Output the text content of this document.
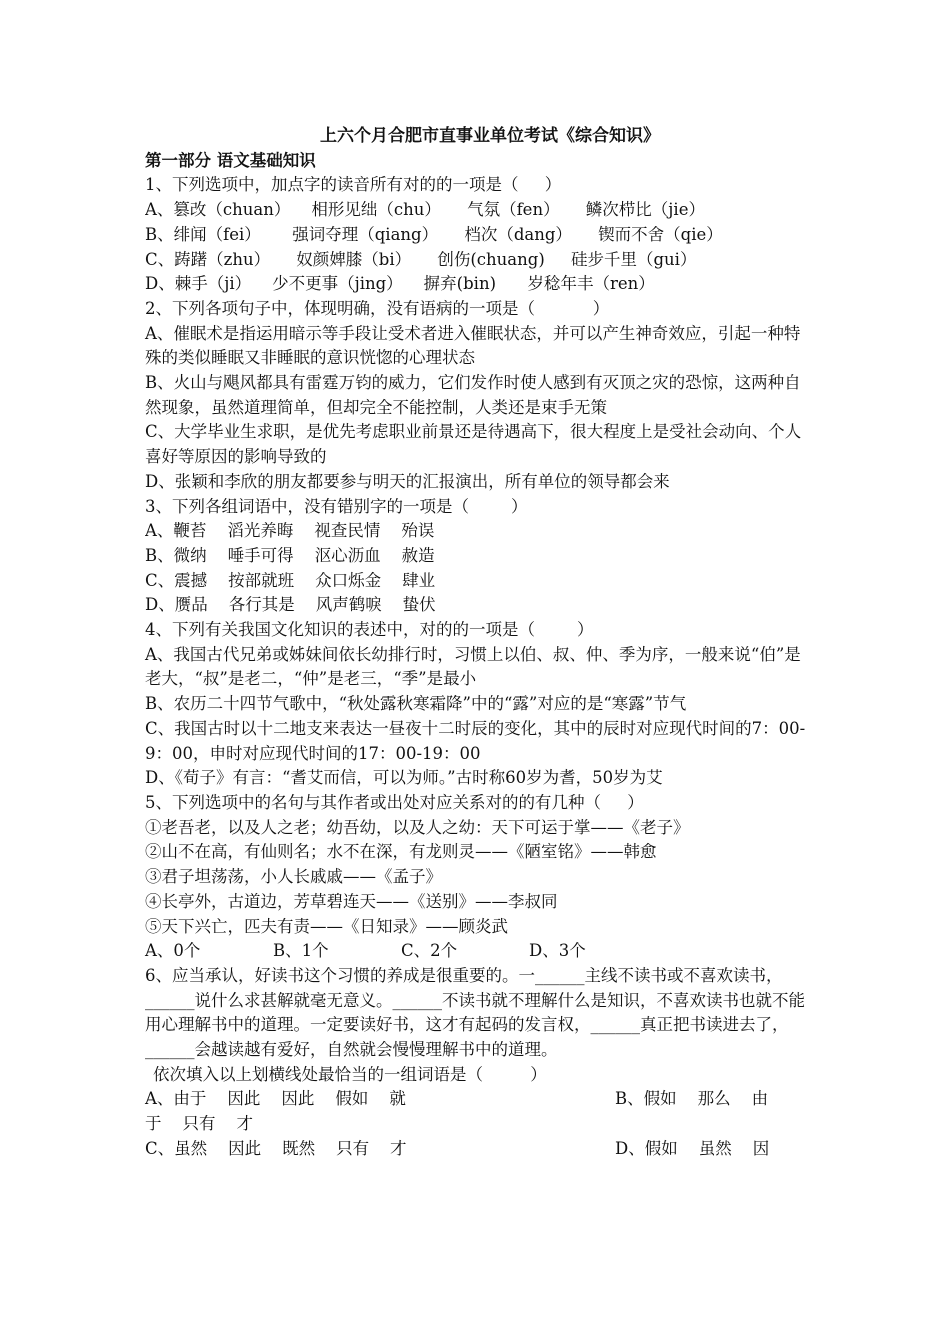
上六个月合肥市直事业单位考试《综合知识》
第一部分 语文基础知识
1、下列选项中，加点字的读音所有对的的一项是（     ）
A、篡改（chuan）    相形见绌（chu）     气氛（fen）     鳞次栉比（jie）
B、绯闻（fei）      强词夺理（qiang）     档次（dang）     锲而不舍（qie）
C、踌躇（zhu）     奴颜婢膝（bi）     创伤(chuang)     硅步千里（gui）
D、棘手（ji）    少不更事（jing）    摒弃(bin)      岁稔年丰（ren）
2、下列各项句子中，体现明确，没有语病的一项是（           ）
A、催眠术是指运用暗示等手段让受术者进入催眠状态，并可以产生神奇效应，引起一种特殊的类似睡眠又非睡眠的意识恍惚的心理状态
B、火山与飓风都具有雷霆万钧的威力，它们发作时使人感到有灭顶之灾的恐惊，这两种自然现象，虽然道理简单，但却完全不能控制，人类还是束手无策
C、大学毕业生求职，是优先考虑职业前景还是待遇高下，很大程度上是受社会动向、个人喜好等原因的影响导致的
D、张颖和李欣的朋友都要参与明天的汇报演出，所有单位的领导都会来
3、下列各组词语中，没有错别字的一项是（        ）
A、鞭苔    滔光养晦    视查民情    殆误
B、微纳    唾手可得    沤心沥血    赦造
C、震撼    按部就班    众口烁金    肆业
D、赝品    各行其是    风声鹤唳    蛰伏
4、下列有关我国文化知识的表述中，对的的一项是（        ）
A、我国古代兄弟或姊妹间依长幼排行时，习惯上以伯、叔、仲、季为序，一般来说“伯”是老大，“叔”是老二，“仲”是老三，“季”是最小
B、农历二十四节气歌中，“秋处露秋寒霜降”中的“露”对应的是“寒露”节气
C、我国古时以十二地支来表达一昼夜十二时辰的变化，其中的辰时对应现代时间的7：00-9：00，申时对应现代时间的17：00-19：00
D、《荀子》有言：“耆艾而信，可以为师。”古时称60岁为耆，50岁为艾
5、下列选项中的名句与其作者或出处对应关系对的的有几种（     ）
①老吾老，以及人之老；幼吾幼，以及人之幼：天下可运于掌——《老子》
②山不在高，有仙则名；水不在深，有龙则灵——《陋室铭》——韩愈
③君子坦荡荡，小人长戚戚——《孟子》
④长亭外，古道边，芳草碧连天——《送别》——李叔同
⑤天下兴亡，匹夫有责——《日知录》——顾炎武
A、0个	B、1个	C、2个	D、3个
6、应当承认，好读书这个习惯的养成是很重要的。一______主线不读书或不喜欢读书，______说什么求甚解就毫无意义。______不读书就不理解什么是知识，不喜欢读书也就不能用心理解书中的道理。一定要读好书，这才有起码的发言权，______真正把书读进去了，______会越读越有爱好，自然就会慢慢理解书中的道理。
依次填入以上划横线处最恰当的一组词语是（         ）
A、由于    因此    因此    假如    就	B、假如    那么    由
于    只有    才
C、虽然    因此    既然    只有    才	D、假如    虽然    因
